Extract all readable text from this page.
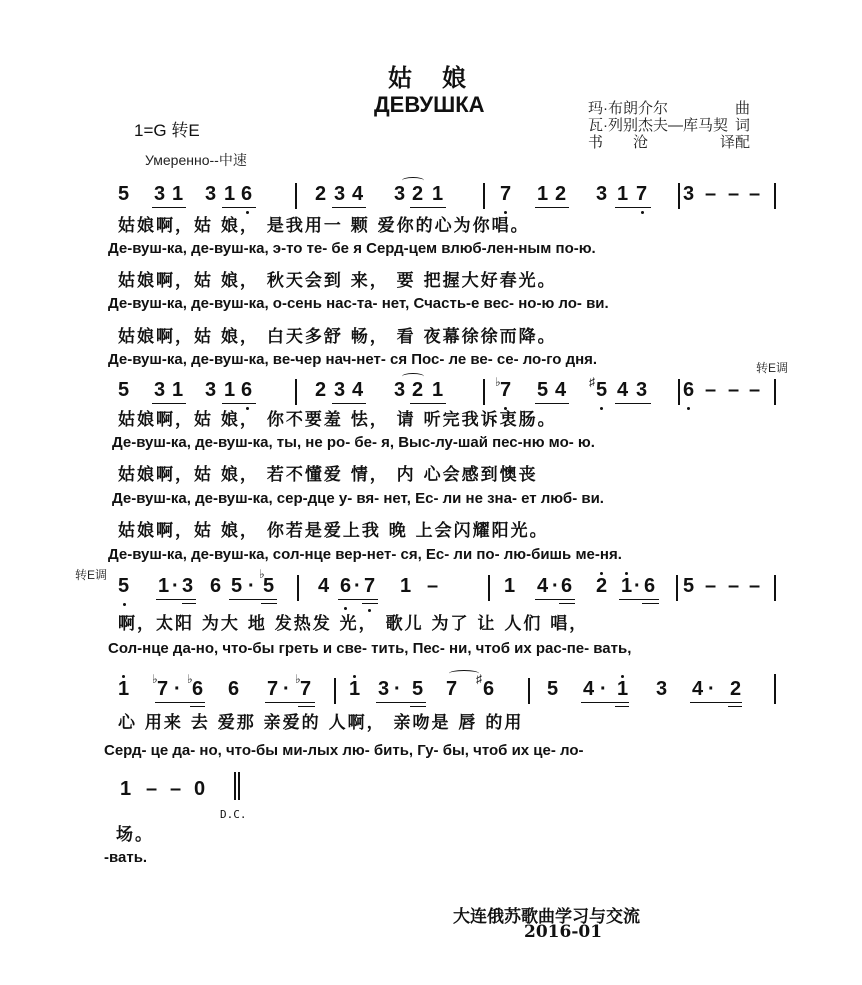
姑娘
ДЕВУШКА
1=G 转E
Умеренно--中速
玛·布朗介尔	曲
瓦·列别杰夫—库马契 词
书　　沧	译配
5 3 1 3 1 6	2 3 4 3 2 1	7 1 2 3 1 7 3 – – –
姑娘啊，姑 娘， 是我用一 颗 爱你的心为你唱。
Де-вуш-ка, де-вуш-ка, э-то те- бе я Серд-цем влюб-лен-ным по-ю.
姑娘啊，姑 娘， 秋天会到 来， 要 把握大好春光。
Де-вуш-ка, де-вуш-ка, о-сень нас-та- нет, Счасть-е вес- но-ю ло- ви.
姑娘啊，姑 娘， 白天多舒 畅， 看 夜幕徐徐而降。
Де-вуш-ка, де-вуш-ка, ве-чер нач-нет- ся Пос- ле ве- се- ло-го дня.	转E调
5 3 1 3 1 6	2 3 4 3 2 1	♭ 7 5 4 ♯ 5 4 3 6 – – –
姑娘啊，姑 娘， 你不要羞 怯， 请 听完我诉衷肠。
Де-вуш-ка, де-вуш-ка, ты, не ро- бе- я, Выс-лу-шай пес-ню мо- ю.
姑娘啊，姑 娘， 若不懂爱 情， 内 心会感到懊丧
Де-вуш-ка, де-вуш-ка, сер-дце у- вя- нет, Ес- ли не зна- ет люб- ви.
姑娘啊，姑 娘， 你若是爱上我 晚 上会闪耀阳光。
Де-вуш-ка, де-вуш-ка, сол-нце вер-нет- ся, Ес- ли по- лю-бишь ме-ня.
转E调 5 1 · 3 6 5 ·
♭
5 4 6 · 7 1 –	1 4 · 6 2 1 · 6 5 – – –
啊，太阳 为大 地 发热发 光， 歌儿 为了 让 人们 唱，
Сол-нце да-но, что-бы греть и све- тить, Пес- ни, чтоб их рас-пе- вать,
1 ♭ 7 · ♭ 6 6 7 · ♭ 7 1 3 · 5 7 ♯ 6	5 4 · 1 3 4 · 2
心 用来 去 爱那 亲爱的 人啊， 亲吻是 唇 的用
Серд- це да- но, что-бы ми-лых лю- бить, Гу- бы, чтоб их це- ло-
1 – – 0
D.C.
场。
-вать.
大连俄苏歌曲学习与交流
2016-01
